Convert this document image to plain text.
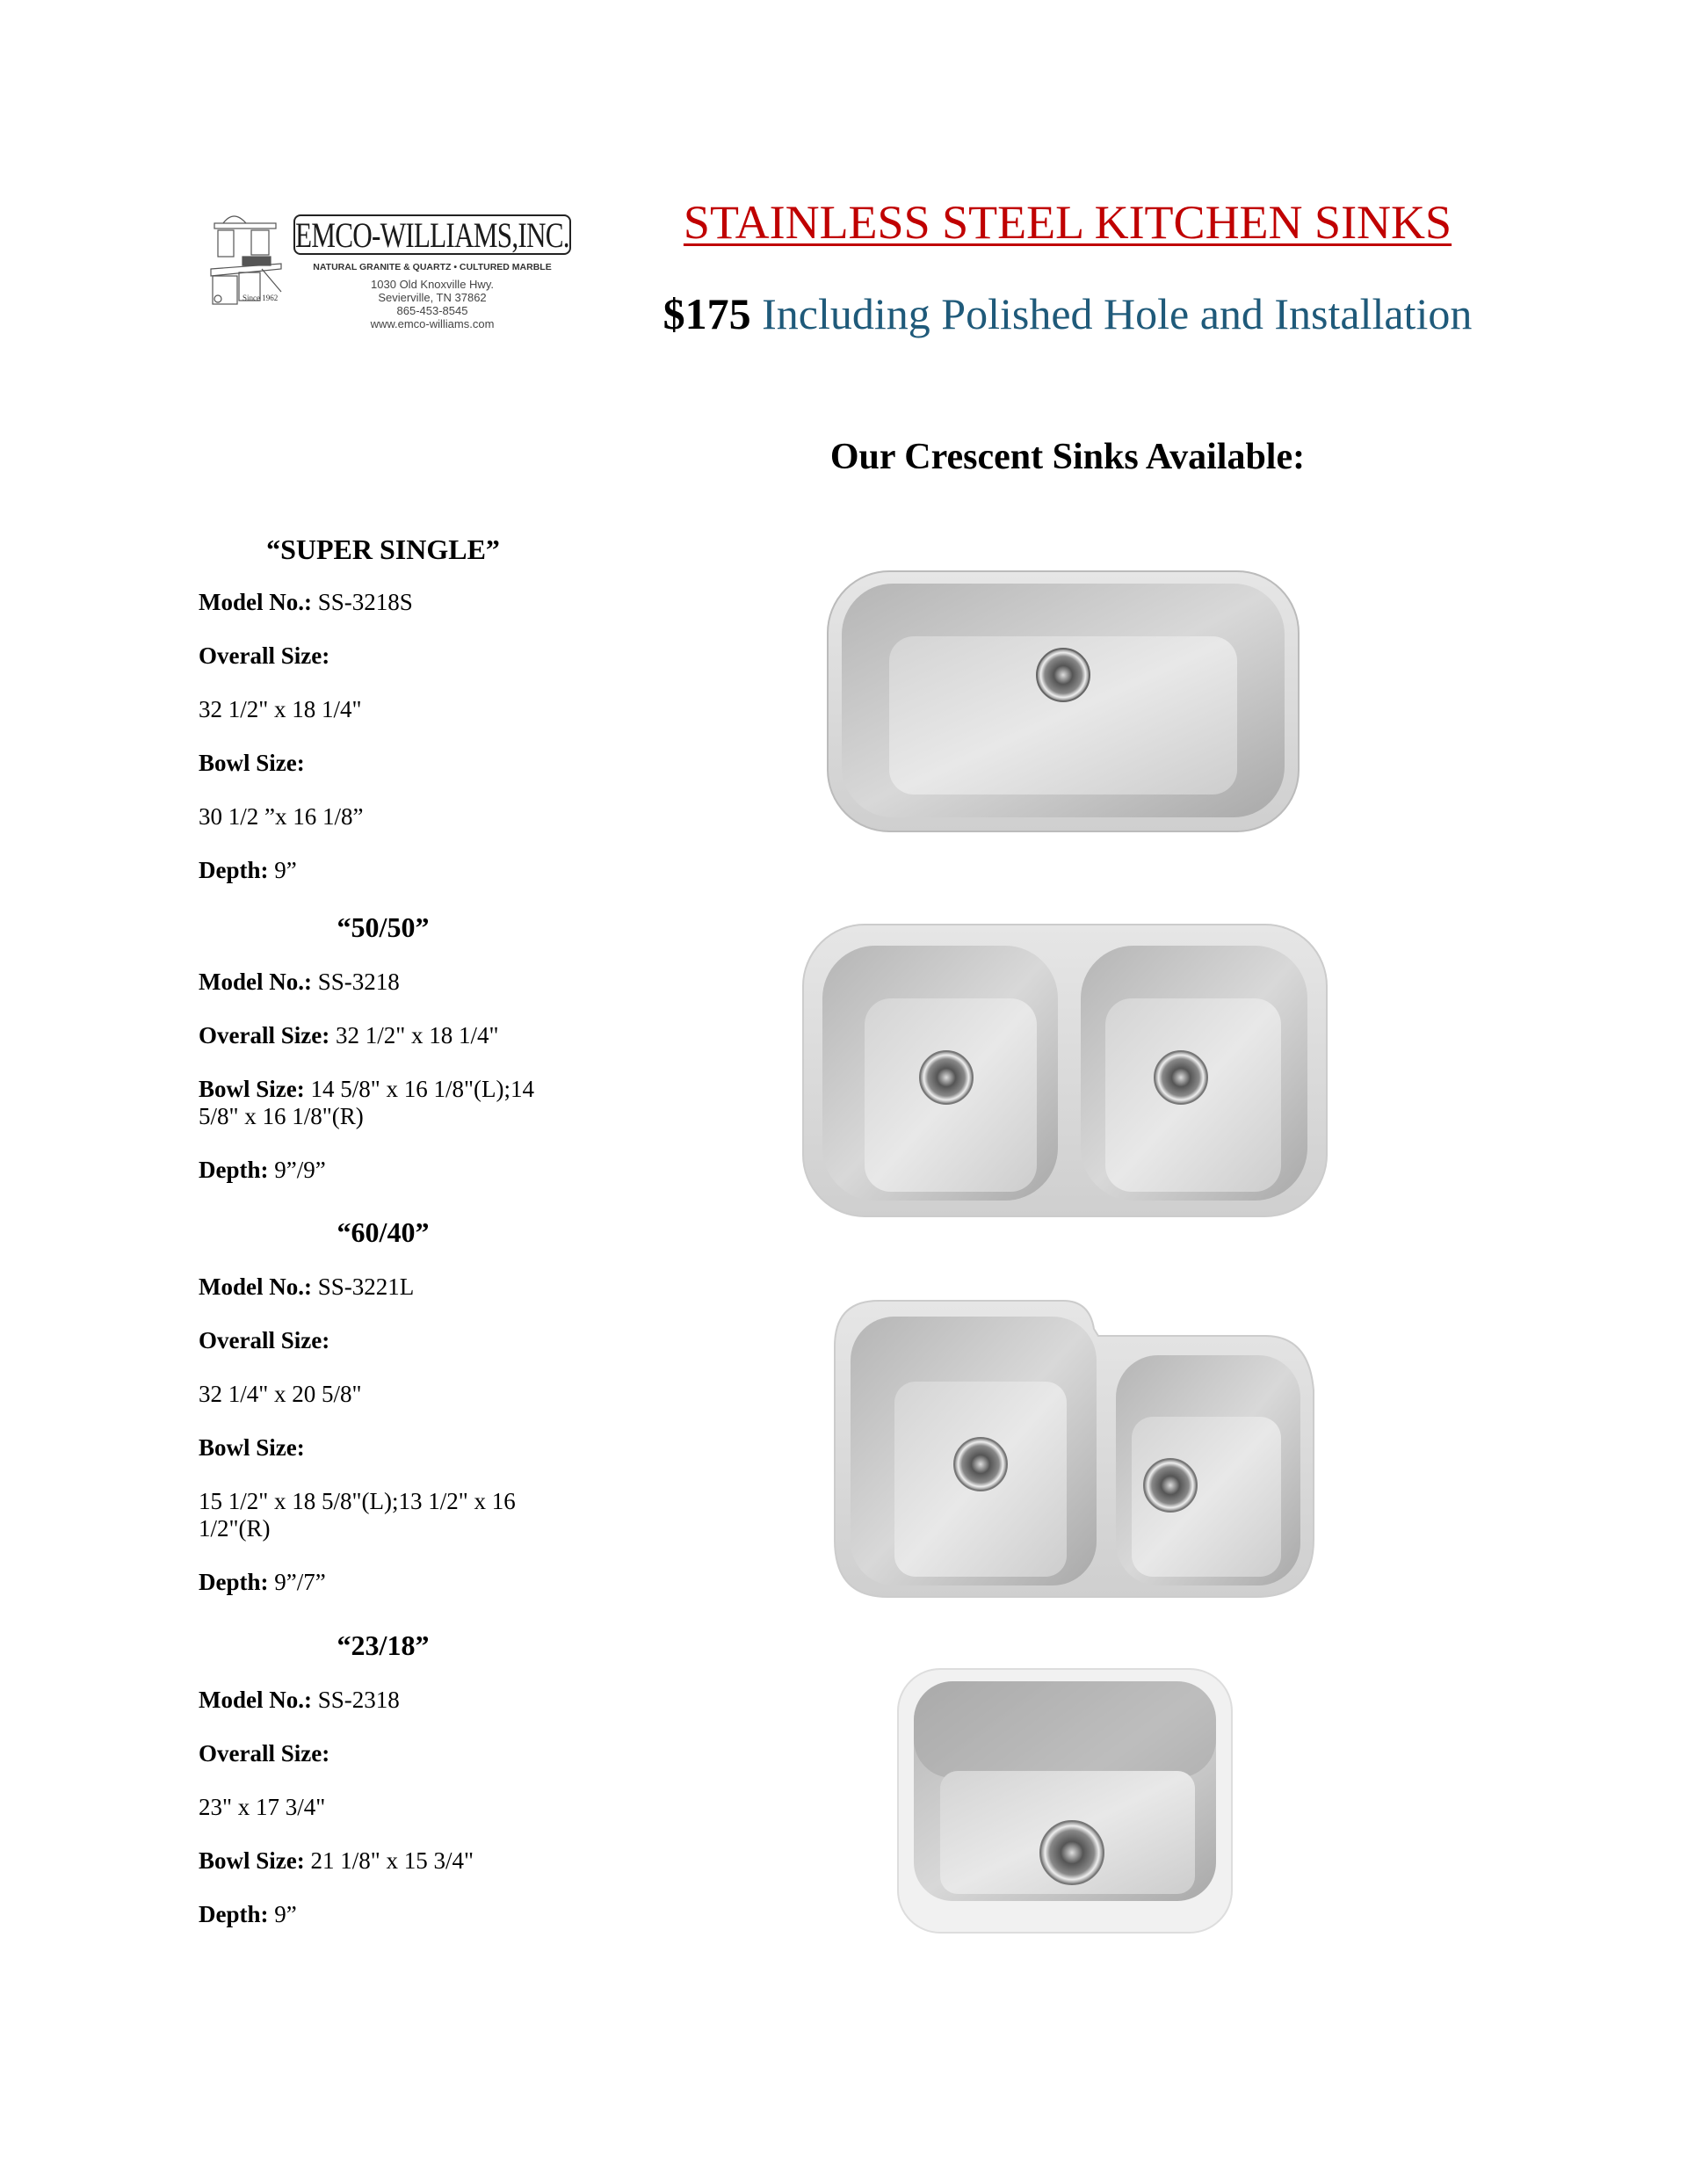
Since 1962
EMCO-WILLIAMS,INC.
NATURAL GRANITE & QUARTZ • CULTURED MARBLE
1030 Old Knoxville Hwy.
Sevierville, TN 37862
865-453-8545
www.emco-williams.com
STAINLESS STEEL KITCHEN SINKS
$175 Including Polished Hole and Installation
Our Crescent Sinks Available:
“SUPER SINGLE”

Model No.: SS-3218S

Overall Size:

32 1/2" x 18 1/4"

Bowl Size:

30 1/2 ”x 16 1/8”

Depth: 9”

“50/50”

Model No.: SS-3218

Overall Size: 32 1/2" x 18 1/4"

Bowl Size: 14 5/8" x 16 1/8"(L);14 5/8" x 16 1/8"(R)

Depth: 9”/9”

“60/40”

Model No.: SS-3221L

Overall Size:

32 1/4" x 20 5/8"

Bowl Size:

15 1/2" x 18 5/8"(L);13 1/2" x 16 1/2"(R)

Depth: 9”/7”

“23/18”

Model No.: SS-2318

Overall Size:

23" x 17 3/4"

Bowl Size: 21 1/8" x 15 3/4"

Depth: 9”
